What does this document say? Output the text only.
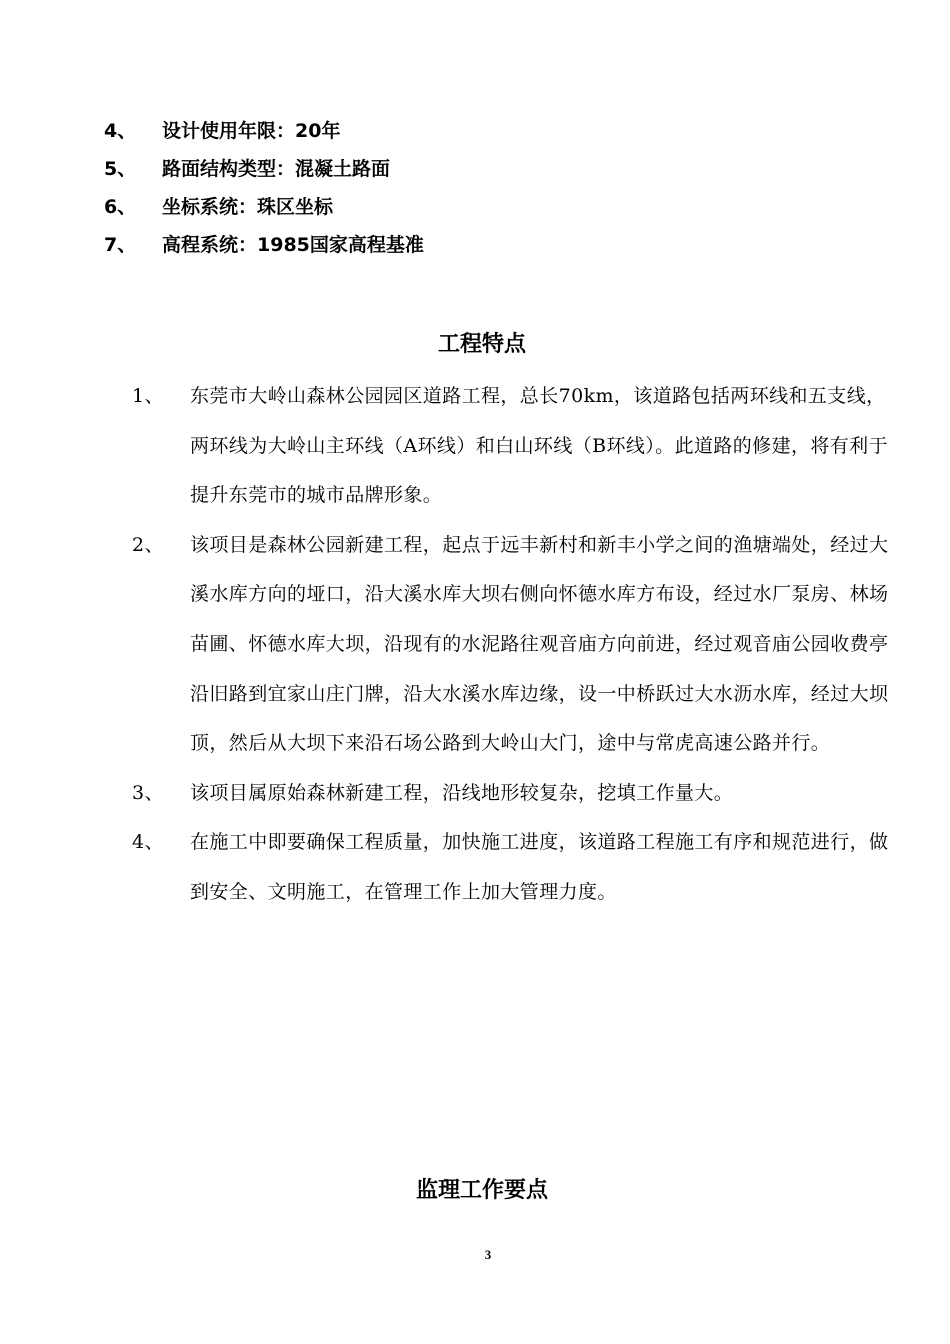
4、 设计使用年限：20年
5、 路面结构类型：混凝土路面
6、 坐标系统：珠区坐标
7、 高程系统：1985国家高程基准
工程特点
1、 东莞市大岭山森林公园园区道路工程，总长70km，该道路包括两环线和五支线，两环线为大岭山主环线（A环线）和白山环线（B环线）。此道路的修建，将有利于提升东莞市的城市品牌形象。
2、 该项目是森林公园新建工程，起点于远丰新村和新丰小学之间的渔塘端处，经过大溪水库方向的垭口，沿大溪水库大坝右侧向怀德水库方布设，经过水厂泵房、林场苗圃、怀德水库大坝，沿现有的水泥路往观音庙方向前进，经过观音庙公园收费亭沿旧路到宜家山庄门牌，沿大水溪水库边缘，设一中桥跃过大水沥水库，经过大坝顶，然后从大坝下来沿石场公路到大岭山大门，途中与常虎高速公路并行。
3、 该项目属原始森林新建工程，沿线地形较复杂，挖填工作量大。
4、 在施工中即要确保工程质量，加快施工进度，该道路工程施工有序和规范进行，做到安全、文明施工，在管理工作上加大管理力度。
监理工作要点
3
